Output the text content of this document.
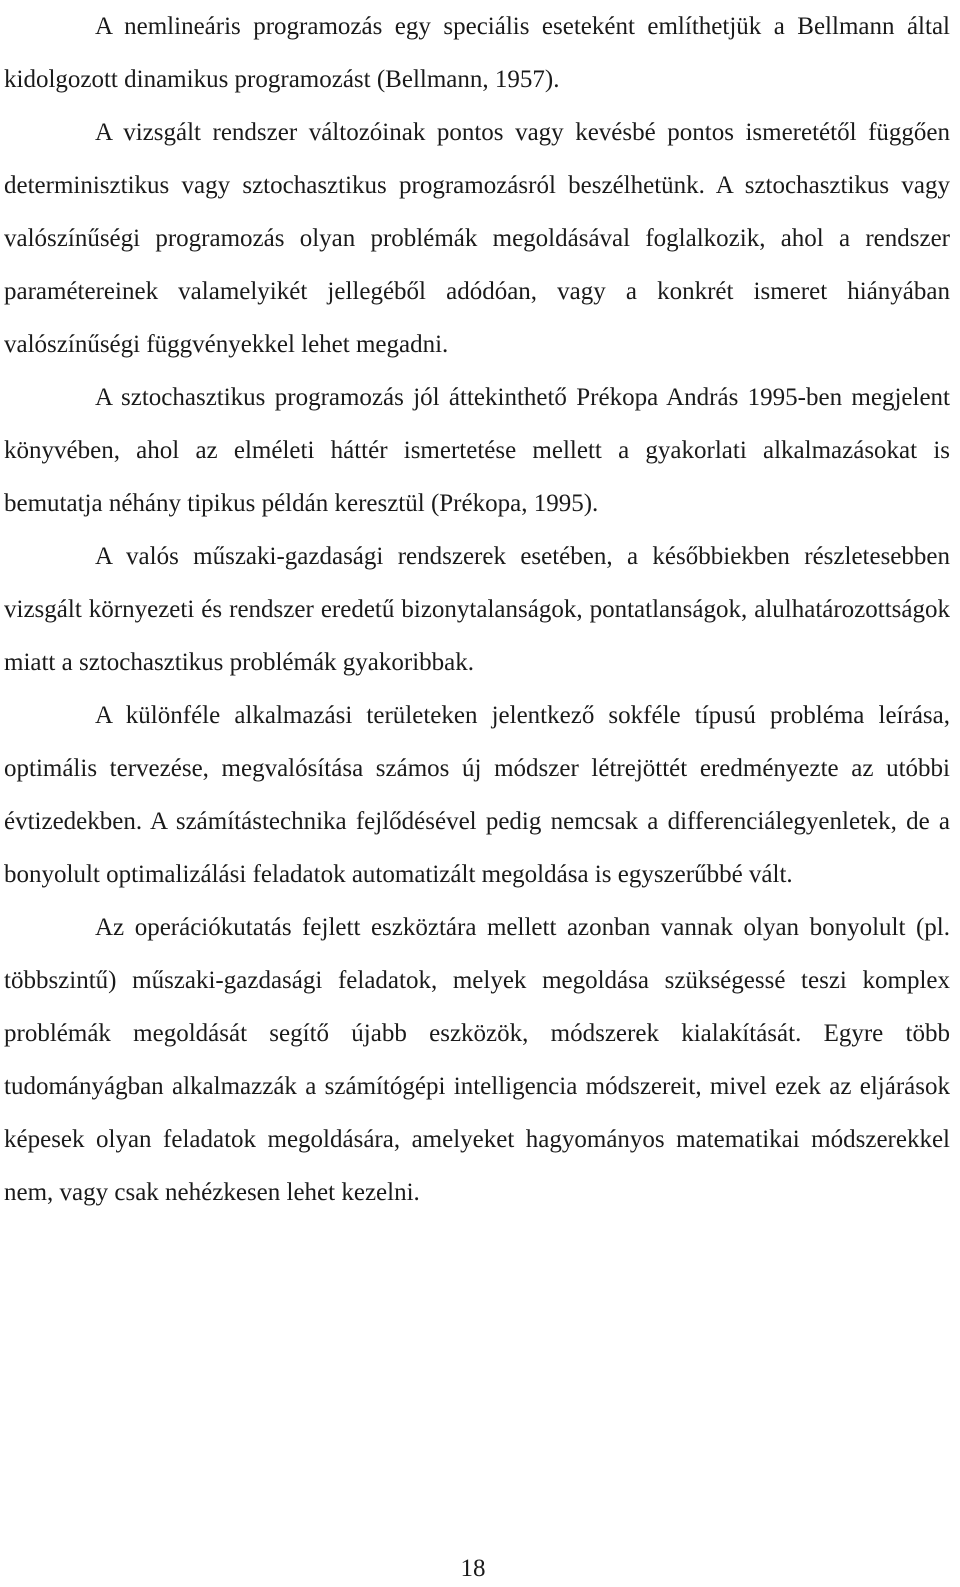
A nemlineáris programozás egy speciális eseteként említhetjük a Bellmann által kidolgozott dinamikus programozást (Bellmann, 1957).

A vizsgált rendszer változóinak pontos vagy kevésbé pontos ismeretétől függően determinisztikus vagy sztochasztikus programozásról beszélhetünk. A sztochasztikus vagy valószínűségi programozás olyan problémák megoldásával foglalkozik, ahol a rendszer paramétereinek valamelyikét jellegéből adódóan, vagy a konkrét ismeret hiányában valószínűségi függvényekkel lehet megadni.

A sztochasztikus programozás jól áttekinthető Prékopa András 1995-ben megjelent könyvében, ahol az elméleti háttér ismertetése mellett a gyakorlati alkalmazásokat is bemutatja néhány tipikus példán keresztül (Prékopa, 1995).

A valós műszaki-gazdasági rendszerek esetében, a későbbiekben részletesebben vizsgált környezeti és rendszer eredetű bizonytalanságok, pontatlanságok, alulhatározottságok miatt a sztochasztikus problémák gyakoribbak.

A különféle alkalmazási területeken jelentkező sokféle típusú probléma leírása, optimális tervezése, megvalósítása számos új módszer létrejöttét eredményezte az utóbbi évtizedekben. A számítástechnika fejlődésével pedig nemcsak a differenciálegyenletek, de a bonyolult optimalizálási feladatok automatizált megoldása is egyszerűbbé vált.

Az operációkutatás fejlett eszköztára mellett azonban vannak olyan bonyolult (pl. többszintű) műszaki-gazdasági feladatok, melyek megoldása szükségessé teszi komplex problémák megoldását segítő újabb eszközök, módszerek kialakítását. Egyre több tudományágban alkalmazzák a számítógépi intelligencia módszereit, mivel ezek az eljárások képesek olyan feladatok megoldására, amelyeket hagyományos matematikai módszerekkel nem, vagy csak nehézkesen lehet kezelni.

18
